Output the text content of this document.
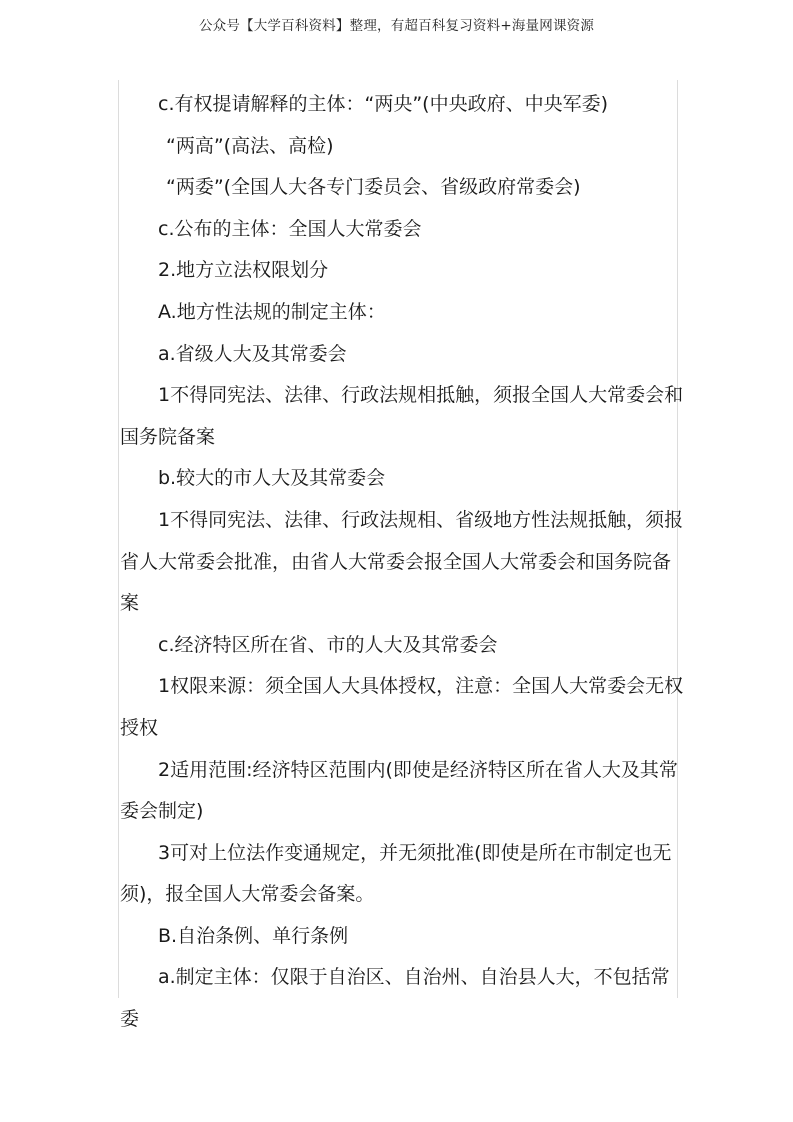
公众号【大学百科资料】整理，有超百科复习资料+海量网课资源

c.有权提请解释的主体：“两央”(中央政府、中央军委)

“两高”(高法、高检)

“两委”(全国人大各专门委员会、省级政府常委会)

c.公布的主体：全国人大常委会

2.地方立法权限划分

A.地方性法规的制定主体：

a.省级人大及其常委会

1不得同宪法、法律、行政法规相抵触，须报全国人大常委会和国务院备案

b.较大的市人大及其常委会

1不得同宪法、法律、行政法规相、省级地方性法规抵触，须报省人大常委会批准，由省人大常委会报全国人大常委会和国务院备案

c.经济特区所在省、市的人大及其常委会

1权限来源：须全国人大具体授权，注意：全国人大常委会无权授权

2适用范围:经济特区范围内(即使是经济特区所在省人大及其常委会制定)

3可对上位法作变通规定，并无须批准(即使是所在市制定也无须)，报全国人大常委会备案。

B.自治条例、单行条例

a.制定主体：仅限于自治区、自治州、自治县人大，不包括常委
